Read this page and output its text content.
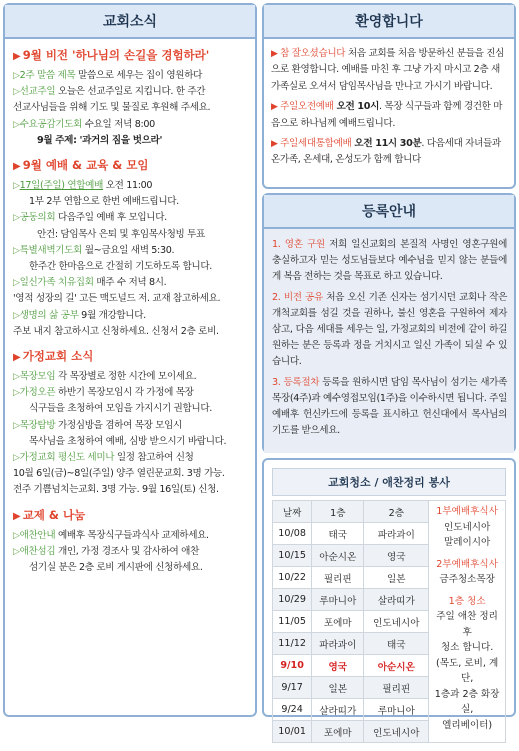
교회소식
▶ 9월 비전 '하나님의 손길을 경험하라'
▷2주 말씀 제목 말씀으로 세우는 집이 영원하다
▷선교주일 오늘은 선교주일로 지킵니다. 한 주간
선교사님들을 위해 기도 및 물질로 후원해 주세요.
▷수요공감기도회 수요일 저녁 8:00
9월 주제: '과거의 짐을 벗으라'
▶ 9월 예배 & 교육 & 모임
▷17일(주일) 연합예배 오전 11:00
1부 2부 연합으로 한번 예배드립니다.
▷공동의회 다음주일 예배 후 모입니다.
안건: 담임목사 은퇴 및 후임목사청빙 투표
▷특별새벽기도회 월~금요일 새벽 5:30.
한주간 한마음으로 간절히 기도하도록 합니다.
▷일신가족 치유집회 매주 수 저녁 8시.
'영적 성장의 길' 고든 맥도널드 저. 교재 참고하세요.
▷생명의 삶 공부 9월 개강합니다.
주보 내지 참고하시고 신청하세요. 신청서 2층 로비.
▶ 가정교회 소식
▷목장모임 각 목장별로 정한 시간에 모이세요.
▷가정오픈 하반기 목장모임시 각 가정에 목장
식구들을 초청하여 모임을 가지시기 권합니다.
▷목장탐방 가정심방을 겸하여 목장 모임시
목사님을 초청하여 예배, 심방 받으시기 바랍니다.
▷가정교회 평신도 세미나 일정 참고하여 신청
10월 6일(금)~8일(주일) 양주 열린문교회. 3명 가능.
전주 기쁨넘치는교회. 3명 가능. 9월 16일(토) 신청.
▶ 교제 & 나눔
▷애찬안내 예배후 목장식구들과식사 교제하세요.
▷애찬섬김 개인, 가정 경조사 및 감사하여 애찬
섬기실 분은 2층 로비 게시판에 신청하세요.
환영합니다
▶ 참 잘오셨습니다 처음 교회를 처음 방문하신 분들을 진심으로 환영합니다. 예배를 마친 후 그냥 가지 마시고 2층 새가족실로 오셔서 담임목사님을 만나고 가시기 바랍니다.
▶ 주일오전예배 오전 10시. 목장 식구들과 함께 경건한 마음으로 하나님께 예배드립니다.
▶ 주일세대통합예배 오전 11시 30분. 다음세대 자녀들과 온가족, 온세대, 온성도가 함께 합니다
등록안내
1. 영혼 구원 저희 일신교회의 본질적 사명인 영혼구원에 충실하고자 믿는 성도님들보다 예수님을 믿지 않는 분들에게 복음 전하는 것을 목표로 하고 있습니다.
2. 비전 공유 처음 오신 기존 신자는 섬기시던 교회나 작은 개척교회를 섬길 것을 권하나, 불신 영혼을 구원하여 제자 삼고, 다음 세대를 세우는 일, 가정교회의 비전에 같이 하길 원하는 분은 등록과 정을 거치시고 일신 가족이 되실 수 있습니다.
3. 등록절차 등록을 원하시면 담임 목사님이 섬기는 새가족목장(4주)과 예수영접모임(1주)을 이수하시면 됩니다. 주일예배후 헌신카드에 등록을 표시하고 헌신대에서 목사님의 기도를 받으세요.
교회청소 / 애찬정리 봉사
날짜	1층	2층
10/08	태국	파라과이
10/15	아순시온	영국
10/22	필리핀	일본
10/29	루마니아	살라띠가
11/05	포에마	인도네시아
11/12	파라과이	태국
9/10	영국	아순시온
9/17	일본	필리핀
9/24	살라띠가	루마니아
10/01	포에마	인도네시아
1부예배후식사
인도네시아
말레이시아
2부예배후식사
금주청소목장
1층 청소
주일 애찬 정리후
청소 합니다.
(목도, 로비, 계단,
1층과 2층 화장실,
엘리베이터)
